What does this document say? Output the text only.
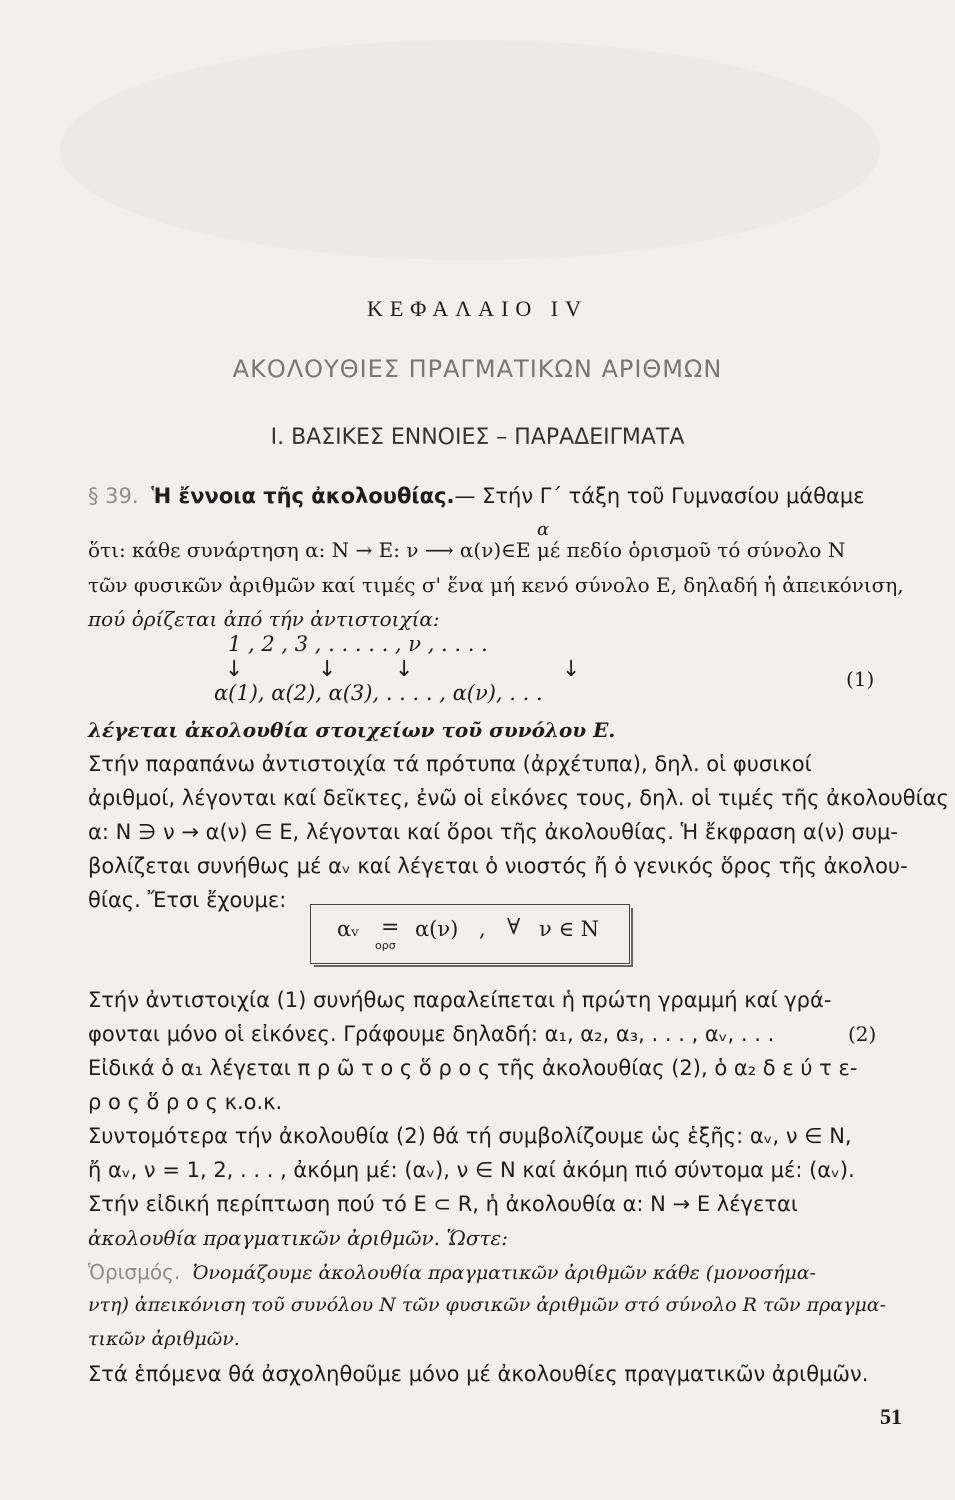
ΚΕΦΑΛΑΙΟ IV
ΑΚΟΛΟΥΘΙΕΣ ΠΡΑΓΜΑΤΙΚΩΝ ΑΡΙΘΜΩΝ
Ι. ΒΑΣΙΚΕΣ ΕΝΝΟΙΕΣ – ΠΑΡΑΔΕΙΓΜΑΤΑ
§ 39. Ἡ ἔννοια τῆς ἀκολουθίας.— Στήν Γ΄ τάξη τοῦ Γυμνασίου μάθαμε
α
ὅτι: κάθε συνάρτηση α: N → E: ν ⟶ α(ν)∈E μέ πεδίο ὁρισμοῦ τό σύνολο N
τῶν φυσικῶν ἀριθμῶν καί τιμές σ' ἕνα μή κενό σύνολο E, δηλαδή ἡ ἀπεικόνιση,
πού ὁρίζεται ἀπό τήν ἀντιστοιχία:
1 , 2 , 3 , . . . . . , ν , . . . .
↓	↓	↓	↓
α(1), α(2), α(3), . . . . , α(ν), . . .
(1)
λέγεται ἀκολουθία στοιχείων τοῦ συνόλου E.
Στήν παραπάνω ἀντιστοιχία τά πρότυπα (ἀρχέτυπα), δηλ. οἱ φυσικοί
ἀριθμοί, λέγονται καί δεῖκτες, ἐνῶ οἱ εἰκόνες τους, δηλ. οἱ τιμές τῆς ἀκολουθίας
α: N ∋ ν → α(ν) ∈ E, λέγονται καί ὅροι τῆς ἀκολουθίας. Ἡ ἔκφραση α(ν) συμ-
βολίζεται συνήθως μέ αᵥ καί λέγεται ὁ νιοστός ἤ ὁ γενικός ὅρος τῆς ἀκολου-
θίας. Ἔτσι ἔχουμε:
αᵥ =
ορσ
α(ν) , ∀ ν ∈ N
Στήν ἀντιστοιχία (1) συνήθως παραλείπεται ἡ πρώτη γραμμή καί γρά-
φονται μόνο οἱ εἰκόνες. Γράφουμε δηλαδή: α₁, α₂, α₃, . . . , αᵥ, . . .	(2)
Εἰδικά ὁ α₁ λέγεται π ρ ῶ τ ο ς ὅ ρ ο ς τῆς ἀκολουθίας (2), ὁ α₂ δ ε ύ τ ε-
ρ ο ς ὅ ρ ο ς κ.ο.κ.
Συντομότερα τήν ἀκολουθία (2) θά τή συμβολίζουμε ὡς ἑξῆς: αᵥ, ν ∈ N,
ἤ αᵥ, ν = 1, 2, . . . , ἀκόμη μέ: (αᵥ), ν ∈ N καί ἀκόμη πιό σύντομα μέ: (αᵥ).
Στήν εἰδική περίπτωση πού τό E ⊂ R, ἡ ἀκολουθία α: N → E λέγεται
ἀκολουθία πραγματικῶν ἀριθμῶν. Ὥστε:
Ὁρισμός. Ὀνομάζουμε ἀκολουθία πραγματικῶν ἀριθμῶν κάθε (μονοσήμα-
ντη) ἀπεικόνιση τοῦ συνόλου N τῶν φυσικῶν ἀριθμῶν στό σύνολο R τῶν πραγμα-
τικῶν ἀριθμῶν.
Στά ἑπόμενα θά ἀσχοληθοῦμε μόνο μέ ἀκολουθίες πραγματικῶν ἀριθμῶν.
51
